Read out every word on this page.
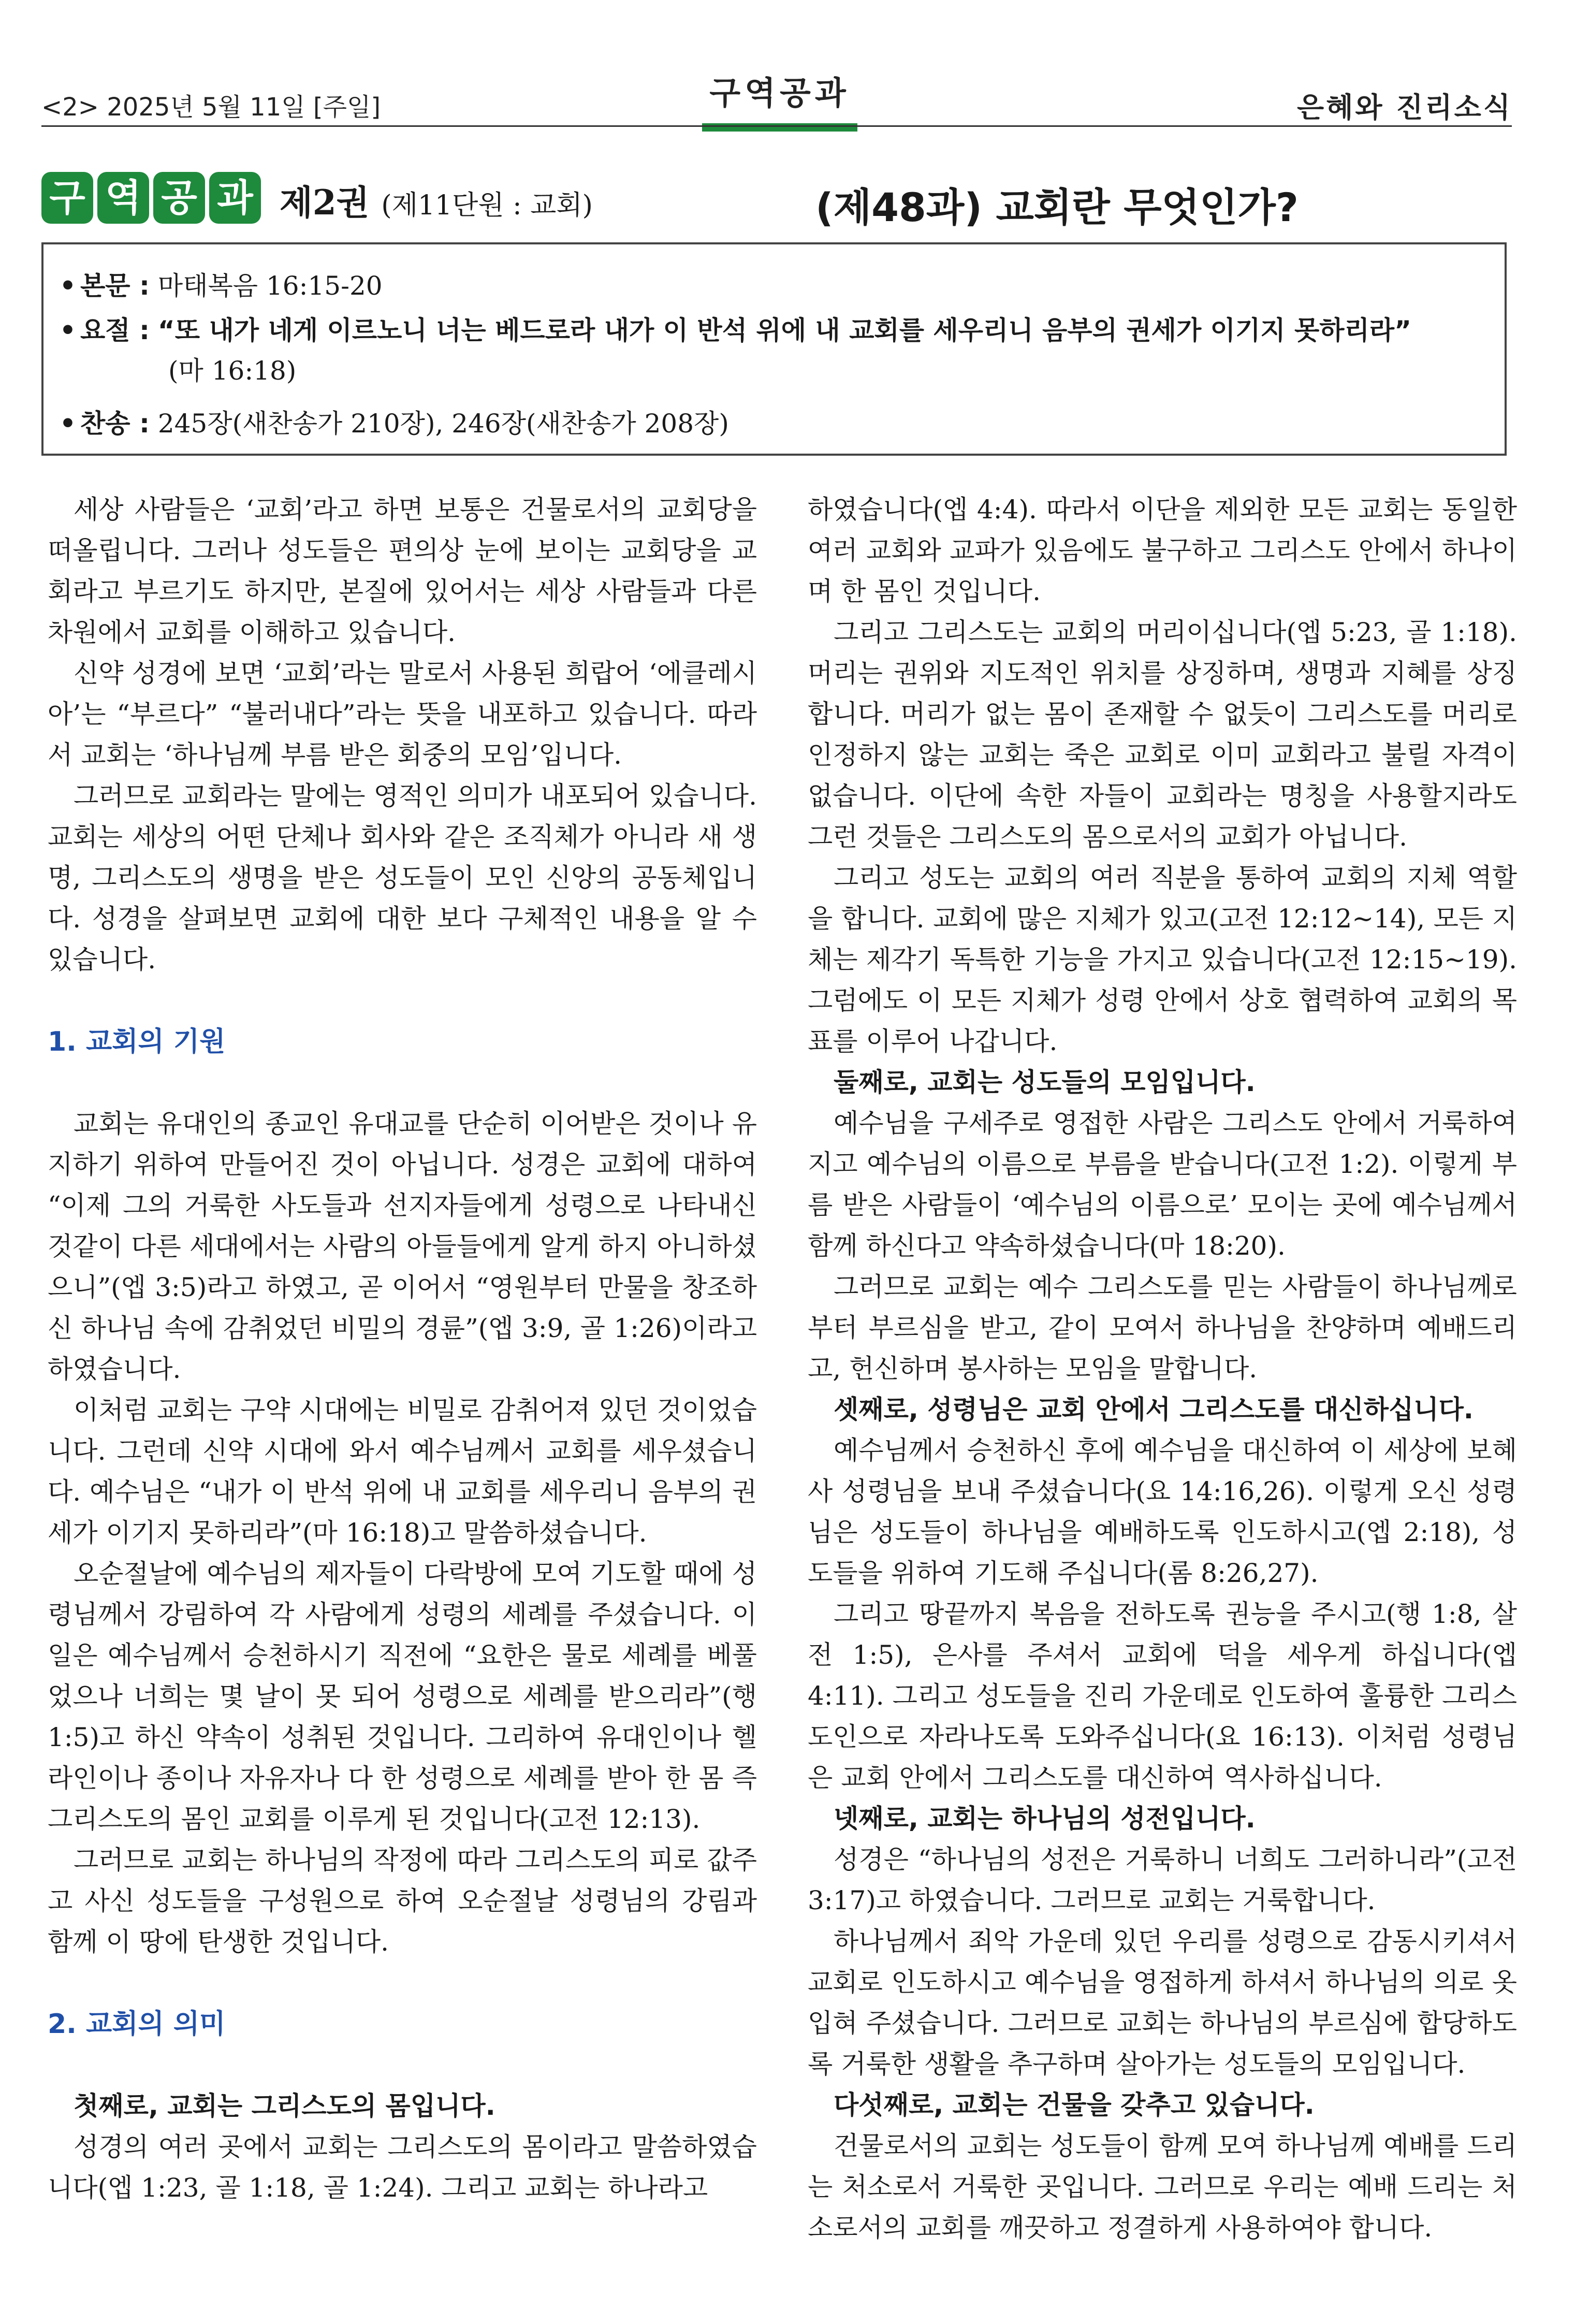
<2> 2025년 5월 11일 [주일]	구역공과	은혜와 진리소식
구 역 공 과 제2권 (제11단원 : 교회)	(제48과) 교회란 무엇인가?
• 본문 : 마태복음 16:15-20
• 요절 : “또 내가 네게 이르노니 너는 베드로라 내가 이 반석 위에 내 교회를 세우리니 음부의 권세가 이기지 못하리라”
(마 16:18)
• 찬송 : 245장(새찬송가 210장), 246장(새찬송가 208장)

세상 사람들은 ‘교회’라고 하면 보통은 건물로서의 교회당을 떠올립니다. 그러나 성도들은 편의상 눈에 보이는 교회당을 교회라고 부르기도 하지만, 본질에 있어서는 세상 사람들과 다른 차원에서 교회를 이해하고 있습니다.

신약 성경에 보면 ‘교회’라는 말로서 사용된 희랍어 ‘에클레시아’는 “부르다” “불러내다”라는 뜻을 내포하고 있습니다. 따라서 교회는 ‘하나님께 부름 받은 회중의 모임’입니다.

그러므로 교회라는 말에는 영적인 의미가 내포되어 있습니다. 교회는 세상의 어떤 단체나 회사와 같은 조직체가 아니라 새 생명, 그리스도의 생명을 받은 성도들이 모인 신앙의 공동체입니다. 성경을 살펴보면 교회에 대한 보다 구체적인 내용을 알 수 있습니다.

1. 교회의 기원

교회는 유대인의 종교인 유대교를 단순히 이어받은 것이나 유지하기 위하여 만들어진 것이 아닙니다. 성경은 교회에 대하여 “이제 그의 거룩한 사도들과 선지자들에게 성령으로 나타내신 것같이 다른 세대에서는 사람의 아들들에게 알게 하지 아니하셨으니”(엡 3:5)라고 하였고, 곧 이어서 “영원부터 만물을 창조하신 하나님 속에 감취었던 비밀의 경륜”(엡 3:9, 골 1:26)이라고 하였습니다.

이처럼 교회는 구약 시대에는 비밀로 감취어져 있던 것이었습니다. 그런데 신약 시대에 와서 예수님께서 교회를 세우셨습니다. 예수님은 “내가 이 반석 위에 내 교회를 세우리니 음부의 권세가 이기지 못하리라”(마 16:18)고 말씀하셨습니다.

오순절날에 예수님의 제자들이 다락방에 모여 기도할 때에 성령님께서 강림하여 각 사람에게 성령의 세례를 주셨습니다. 이 일은 예수님께서 승천하시기 직전에 “요한은 물로 세례를 베풀었으나 너희는 몇 날이 못 되어 성령으로 세례를 받으리라”(행 1:5)고 하신 약속이 성취된 것입니다. 그리하여 유대인이나 헬라인이나 종이나 자유자나 다 한 성령으로 세례를 받아 한 몸 즉 그리스도의 몸인 교회를 이루게 된 것입니다(고전 12:13).

그러므로 교회는 하나님의 작정에 따라 그리스도의 피로 값주고 사신 성도들을 구성원으로 하여 오순절날 성령님의 강림과 함께 이 땅에 탄생한 것입니다.

2. 교회의 의미
첫째로, 교회는 그리스도의 몸입니다.

성경의 여러 곳에서 교회는 그리스도의 몸이라고 말씀하였습니다(엡 1:23, 골 1:18, 골 1:24). 그리고 교회는 하나라고

하였습니다(엡 4:4). 따라서 이단을 제외한 모든 교회는 동일한 여러 교회와 교파가 있음에도 불구하고 그리스도 안에서 하나이며 한 몸인 것입니다.

그리고 그리스도는 교회의 머리이십니다(엡 5:23, 골 1:18). 머리는 권위와 지도적인 위치를 상징하며, 생명과 지혜를 상징합니다. 머리가 없는 몸이 존재할 수 없듯이 그리스도를 머리로 인정하지 않는 교회는 죽은 교회로 이미 교회라고 불릴 자격이 없습니다. 이단에 속한 자들이 교회라는 명칭을 사용할지라도 그런 것들은 그리스도의 몸으로서의 교회가 아닙니다.

그리고 성도는 교회의 여러 직분을 통하여 교회의 지체 역할을 합니다. 교회에 많은 지체가 있고(고전 12:12~14), 모든 지체는 제각기 독특한 기능을 가지고 있습니다(고전 12:15~19). 그럼에도 이 모든 지체가 성령 안에서 상호 협력하여 교회의 목표를 이루어 나갑니다.

둘째로, 교회는 성도들의 모임입니다.

예수님을 구세주로 영접한 사람은 그리스도 안에서 거룩하여지고 예수님의 이름으로 부름을 받습니다(고전 1:2). 이렇게 부름 받은 사람들이 ‘예수님의 이름으로’ 모이는 곳에 예수님께서 함께 하신다고 약속하셨습니다(마 18:20).

그러므로 교회는 예수 그리스도를 믿는 사람들이 하나님께로부터 부르심을 받고, 같이 모여서 하나님을 찬양하며 예배드리고, 헌신하며 봉사하는 모임을 말합니다.

셋째로, 성령님은 교회 안에서 그리스도를 대신하십니다.

예수님께서 승천하신 후에 예수님을 대신하여 이 세상에 보혜사 성령님을 보내 주셨습니다(요 14:16,26). 이렇게 오신 성령님은 성도들이 하나님을 예배하도록 인도하시고(엡 2:18), 성도들을 위하여 기도해 주십니다(롬 8:26,27).

그리고 땅끝까지 복음을 전하도록 권능을 주시고(행 1:8, 살전 1:5), 은사를 주셔서 교회에 덕을 세우게 하십니다(엡 4:11). 그리고 성도들을 진리 가운데로 인도하여 훌륭한 그리스도인으로 자라나도록 도와주십니다(요 16:13). 이처럼 성령님은 교회 안에서 그리스도를 대신하여 역사하십니다.

넷째로, 교회는 하나님의 성전입니다.

성경은 “하나님의 성전은 거룩하니 너희도 그러하니라”(고전 3:17)고 하였습니다. 그러므로 교회는 거룩합니다.

하나님께서 죄악 가운데 있던 우리를 성령으로 감동시키셔서 교회로 인도하시고 예수님을 영접하게 하셔서 하나님의 의로 옷 입혀 주셨습니다. 그러므로 교회는 하나님의 부르심에 합당하도록 거룩한 생활을 추구하며 살아가는 성도들의 모임입니다.

다섯째로, 교회는 건물을 갖추고 있습니다.

건물로서의 교회는 성도들이 함께 모여 하나님께 예배를 드리는 처소로서 거룩한 곳입니다. 그러므로 우리는 예배 드리는 처소로서의 교회를 깨끗하고 정결하게 사용하여야 합니다.
